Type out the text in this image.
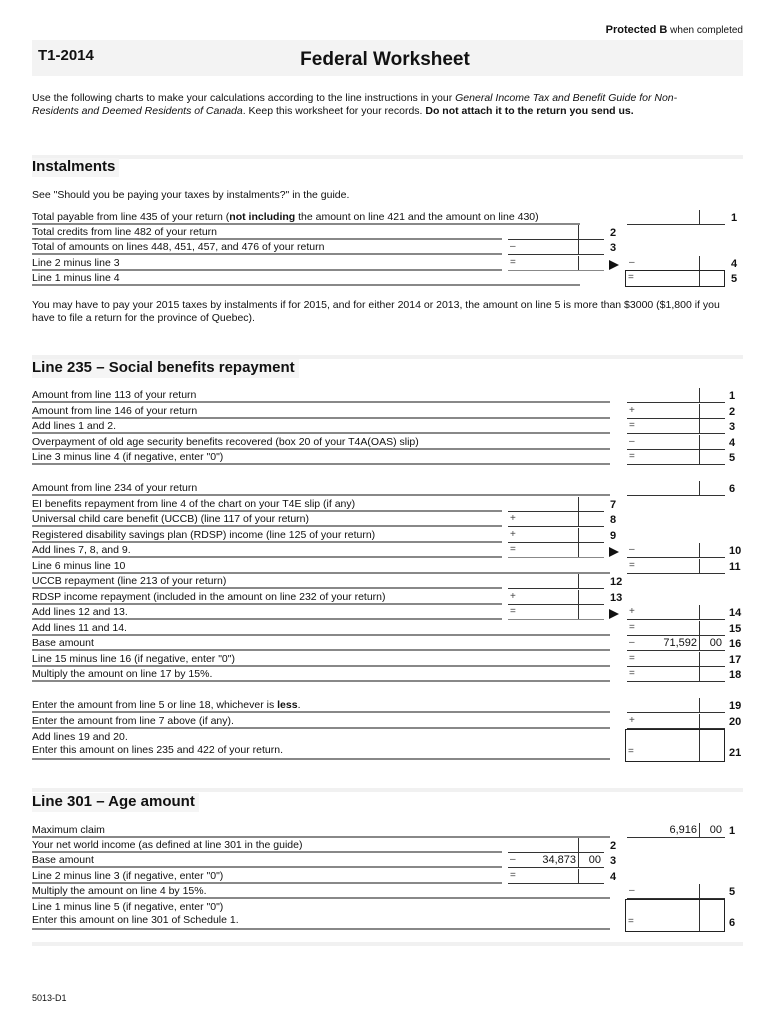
Protected B when completed
T1-2014	Federal Worksheet
Use the following charts to make your calculations according to the line instructions in your General Income Tax and Benefit Guide for Non-Residents and Deemed Residents of Canada. Keep this worksheet for your records. Do not attach it to the return you send us.
Instalments
See "Should you be paying your taxes by instalments?" in the guide.
Total payable from line 435 of your return (not including the amount on line 421 and the amount on line 430)	1
Total credits from line 482 of your return	2
Total of amounts on lines 448, 451, 457, and 476 of your return	–	3
Line 2 minus line 3	=	–	4
Line 1 minus line 4	=	5
You may have to pay your 2015 taxes by instalments if for 2015, and for either 2014 or 2013, the amount on line 5 is more than $3000 ($1,800 if you have to file a return for the province of Quebec).
Line 235 – Social benefits repayment
Amount from line 113 of your return	1
Amount from line 146 of your return	+	2
Add lines 1 and 2.	=	3
Overpayment of old age security benefits recovered (box 20 of your T4A(OAS) slip)	–	4
Line 3 minus line 4 (if negative, enter "0")	=	5
Amount from line 234 of your return	6
EI benefits repayment from line 4 of the chart on your T4E slip (if any)	7
Universal child care benefit (UCCB) (line 117 of your return)	+	8
Registered disability savings plan (RDSP) income (line 125 of your return)	+	9
Add lines 7, 8, and 9.	=	–	10
Line 6 minus line 10	=	11
UCCB repayment (line 213 of your return)	12
RDSP income repayment (included in the amount on line 232 of your return)	+	13
Add lines 12 and 13.	=	+	14
Add lines 11 and 14.	=	15
Base amount	–	71,592 00 16
Line 15 minus line 16 (if negative, enter "0")	=	17
Multiply the amount on line 17 by 15%.	=	18
Enter the amount from line 5 or line 18, whichever is less.	19
Enter the amount from line 7 above (if any).	+	20
Add lines 19 and 20.
Enter this amount on lines 235 and 422 of your return.	=	21
Line 301 – Age amount
Maximum claim	6,916 00 1
Your net world income (as defined at line 301 in the guide)	2
Base amount	– 34,873 00 3
Line 2 minus line 3 (if negative, enter "0")	=	4
Multiply the amount on line 4 by 15%.	–	5
Line 1 minus line 5 (if negative, enter "0")
Enter this amount on line 301 of Schedule 1.	=	6
5013-D1
